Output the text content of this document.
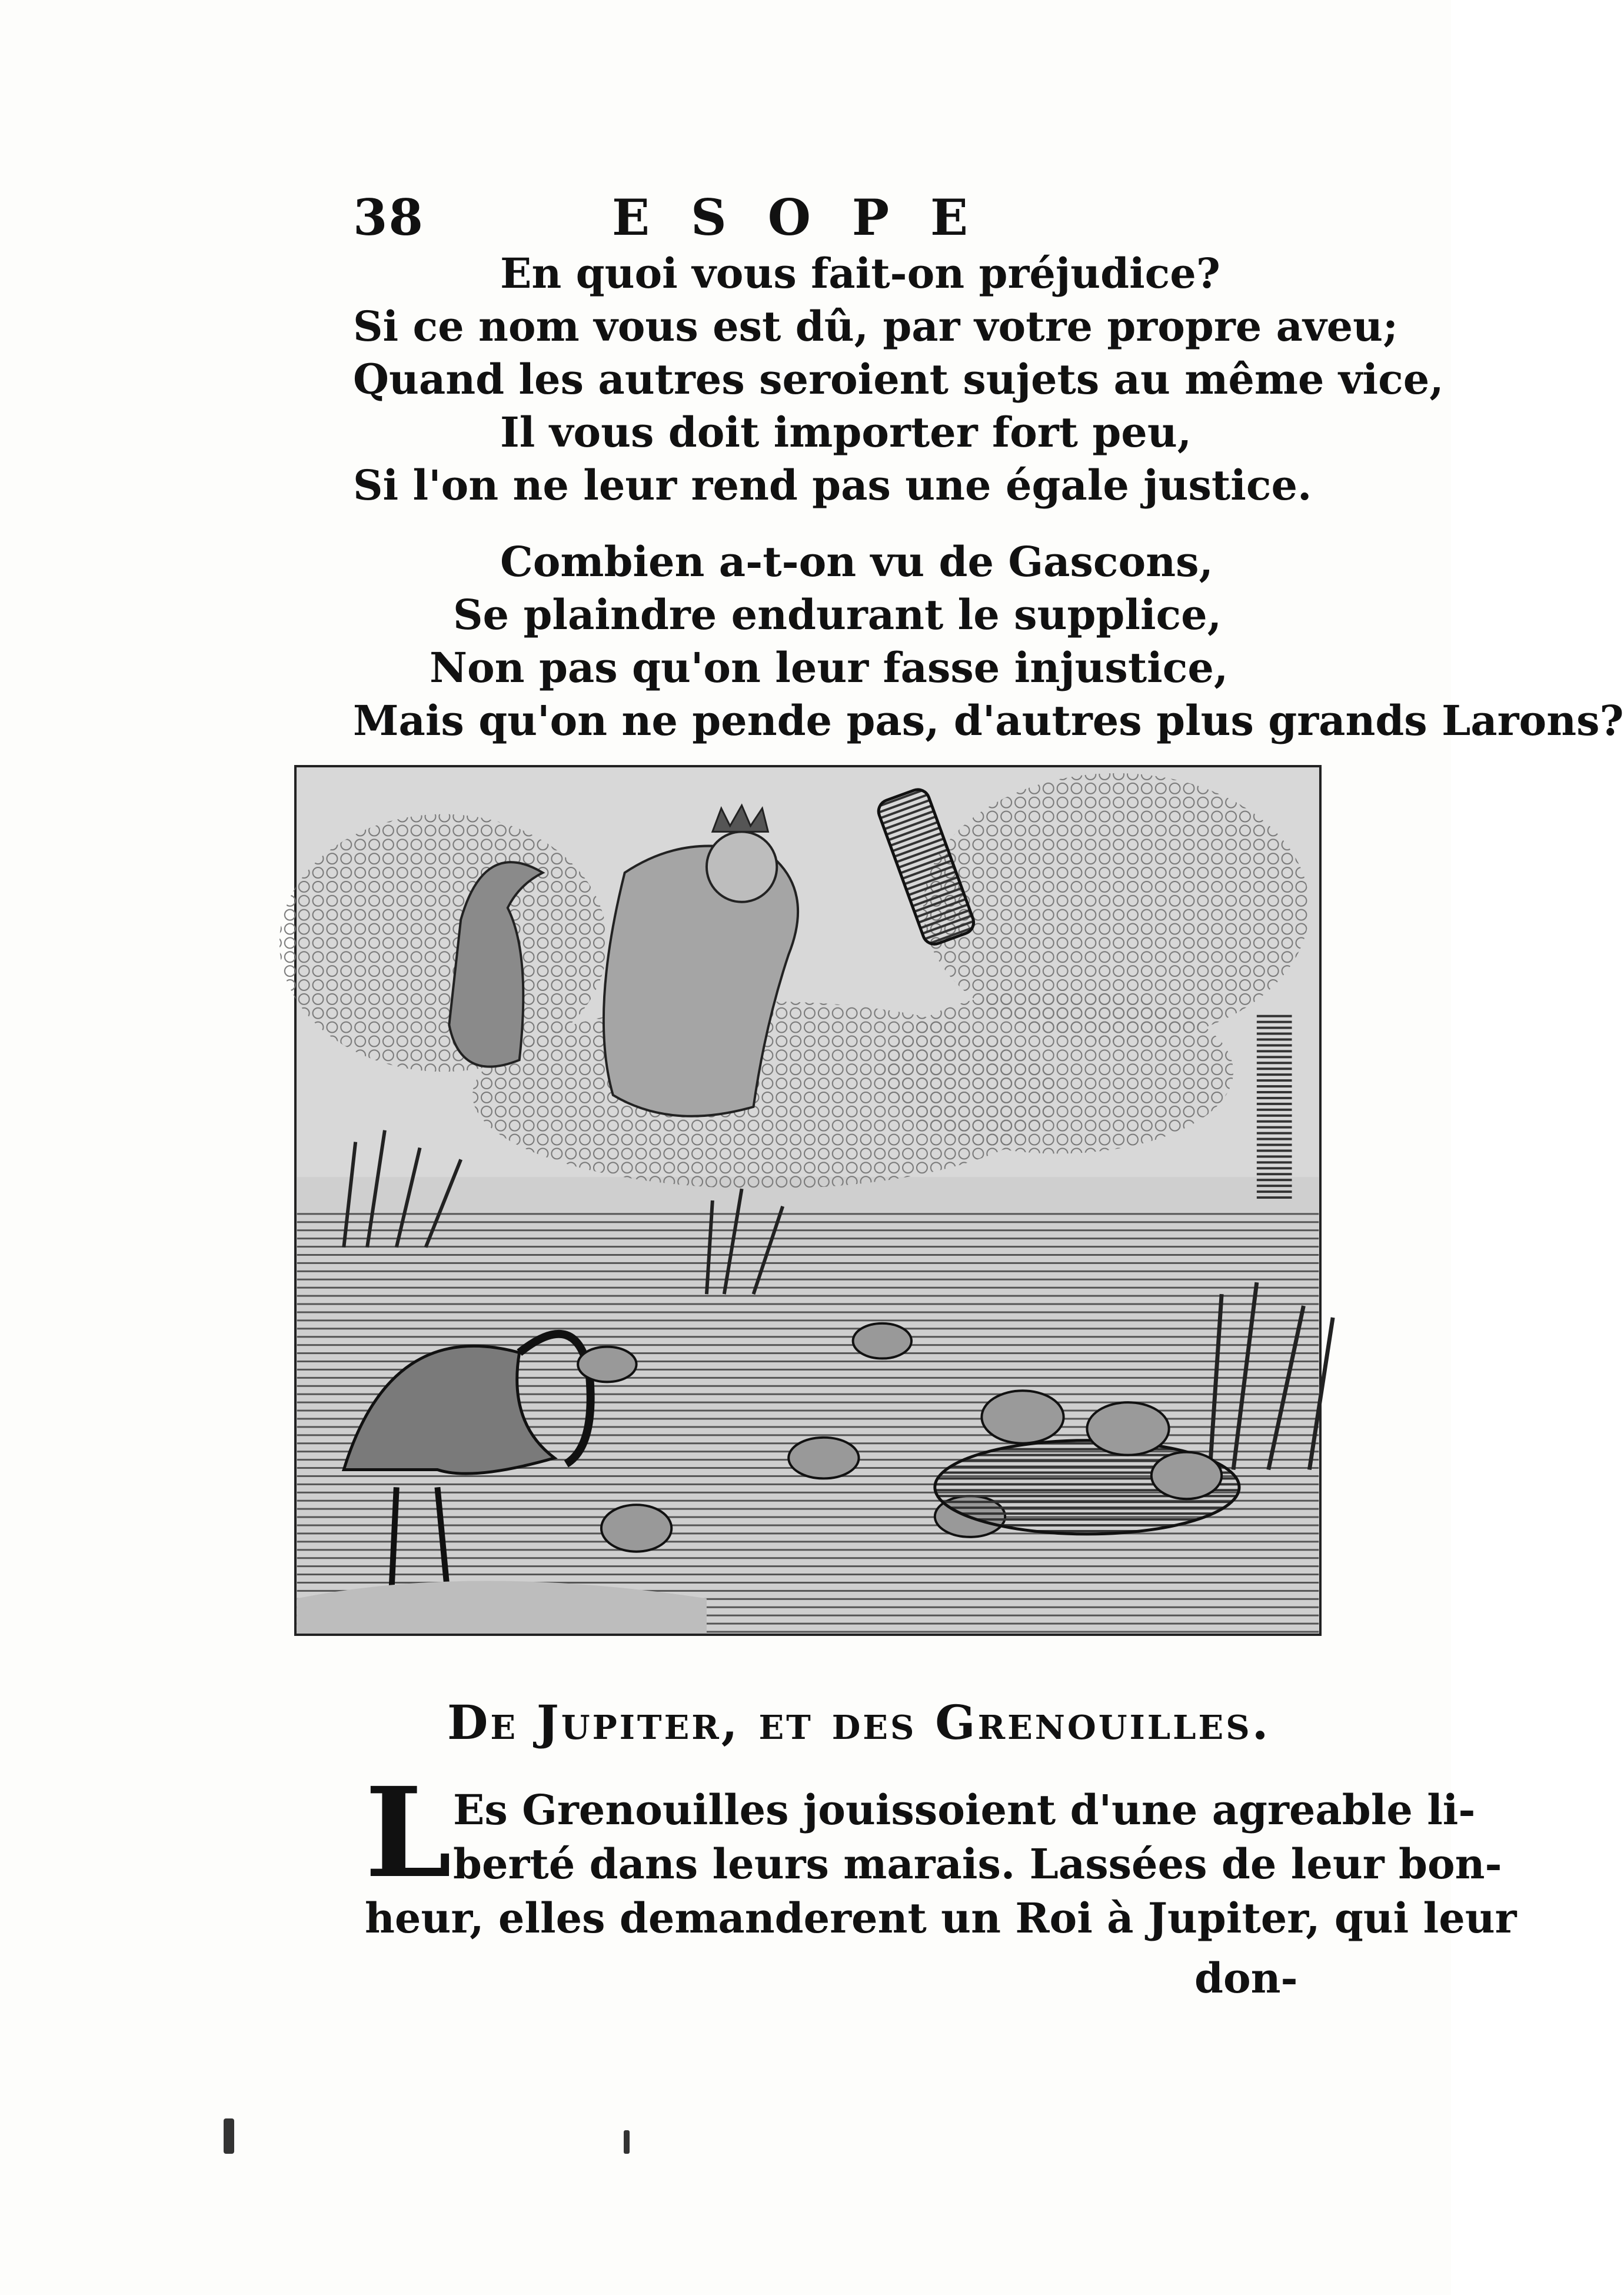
38	ESOPE
En quoi vous fait-on préjudice?
Si ce nom vous est dû, par votre propre aveu;
Quand les autres seroient sujets au même vice,
Il vous doit importer fort peu,
Si l'on ne leur rend pas une égale justice.
Combien a-t-on vu de Gascons,
Se plaindre endurant le supplice,
Non pas qu'on leur fasse injustice,
Mais qu'on ne pende pas, d'autres plus grands Larons?
De Jupiter, et des Grenouilles.
L Es Grenouilles jouissoient d'une agreable li-
berté dans leurs marais. Lassées de leur bon-
heur, elles demanderent un Roi à Jupiter, qui leur
don-
